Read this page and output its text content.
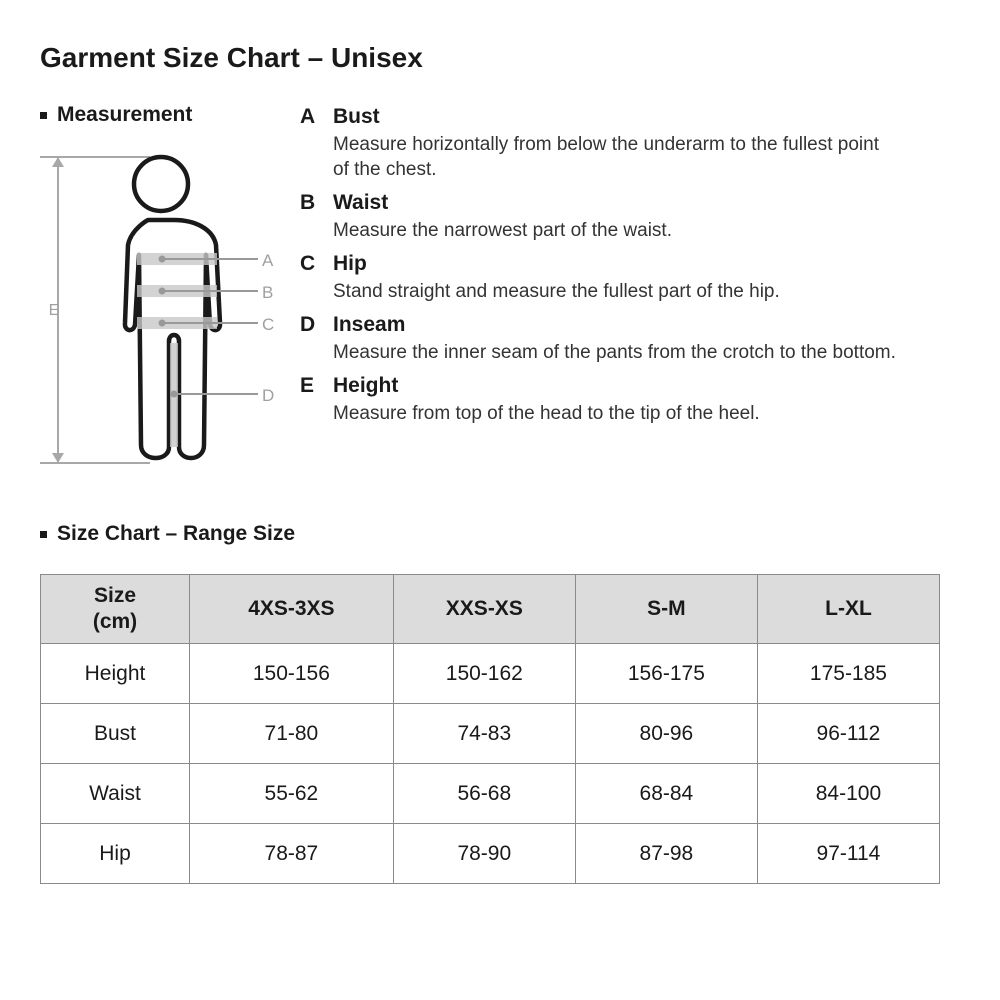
Garment Size Chart – Unisex
Measurement
E
A
B
C
D
A Bust
Measure horizontally from below the underarm to the fullest point
of the chest.
B Waist
Measure the narrowest part of the waist.
C Hip
Stand straight and measure the fullest part of the hip.
D Inseam
Measure the inner seam of the pants from the crotch to the bottom.
E Height
Measure from top of the head to the tip of the heel.
Size Chart – Range Size
Size
(cm)	4XS-3XS	XXS-XS	S-M	L-XL
Height	150-156	150-162	156-175	175-185
Bust	71-80	74-83	80-96	96-112
Waist	55-62	56-68	68-84	84-100
Hip	78-87	78-90	87-98	97-114
